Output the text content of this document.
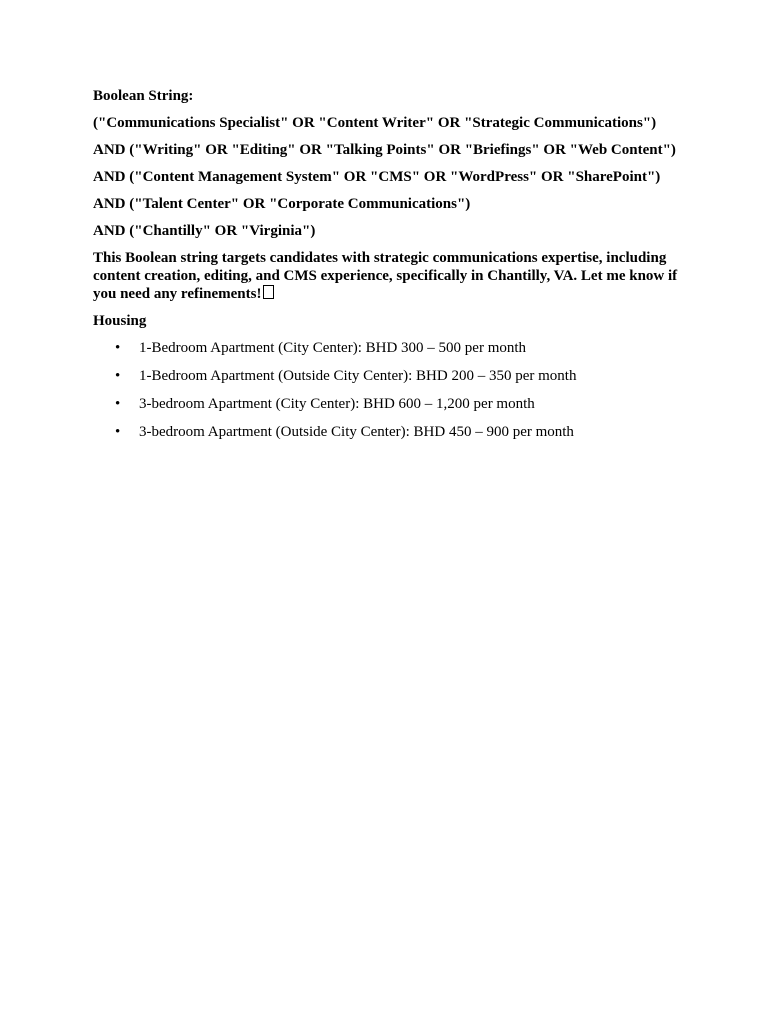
Boolean String:

("Communications Specialist" OR "Content Writer" OR "Strategic Communications")

AND ("Writing" OR "Editing" OR "Talking Points" OR "Briefings" OR "Web Content")

AND ("Content Management System" OR "CMS" OR "WordPress" OR "SharePoint")

AND ("Talent Center" OR "Corporate Communications")

AND ("Chantilly" OR "Virginia")

This Boolean string targets candidates with strategic communications expertise, including content creation, editing, and CMS experience, specifically in Chantilly, VA. Let me know if you need any refinements!

Housing

• 1-Bedroom Apartment (City Center): BHD 300 – 500 per month
• 1-Bedroom Apartment (Outside City Center): BHD 200 – 350 per month
• 3-bedroom Apartment (City Center): BHD 600 – 1,200 per month
• 3-bedroom Apartment (Outside City Center): BHD 450 – 900 per month
